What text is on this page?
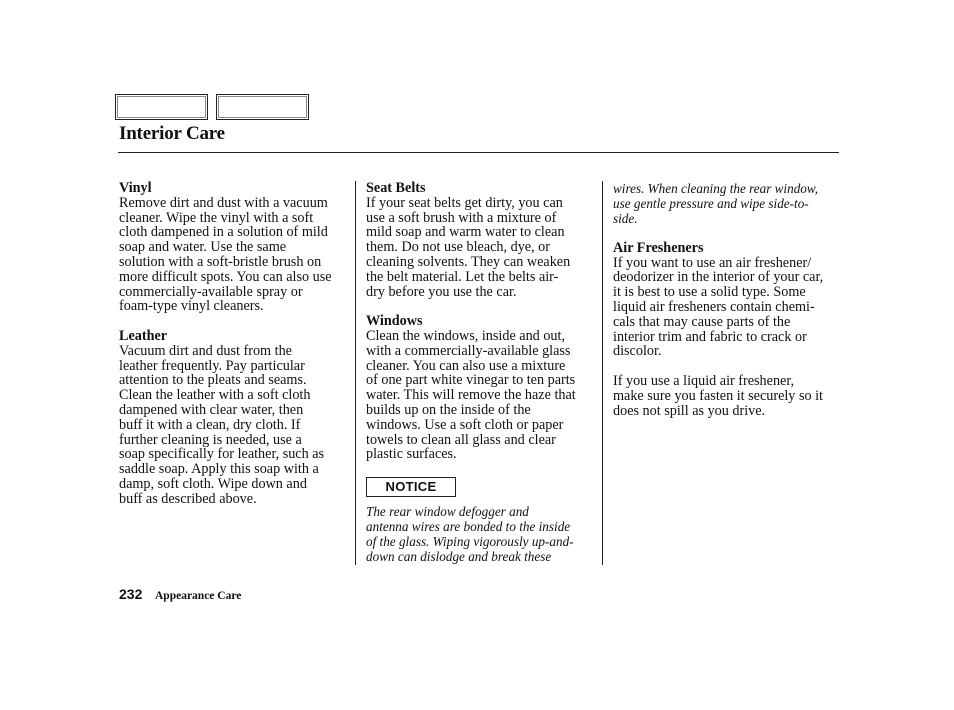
Interior Care
Vinyl
Remove dirt and dust with a vacuum
cleaner. Wipe the vinyl with a soft
cloth dampened in a solution of mild
soap and water. Use the same
solution with a soft-bristle brush on
more difficult spots. You can also use
commercially-available spray or
foam-type vinyl cleaners.
Leather
Vacuum dirt and dust from the
leather frequently. Pay particular
attention to the pleats and seams.
Clean the leather with a soft cloth
dampened with clear water, then
buff it with a clean, dry cloth. If
further cleaning is needed, use a
soap specifically for leather, such as
saddle soap. Apply this soap with a
damp, soft cloth. Wipe down and
buff as described above.
Seat Belts
If your seat belts get dirty, you can
use a soft brush with a mixture of
mild soap and warm water to clean
them. Do not use bleach, dye, or
cleaning solvents. They can weaken
the belt material. Let the belts air-
dry before you use the car.
Windows
Clean the windows, inside and out,
with a commercially-available glass
cleaner. You can also use a mixture
of one part white vinegar to ten parts
water. This will remove the haze that
builds up on the inside of the
windows. Use a soft cloth or paper
towels to clean all glass and clear
plastic surfaces.
NOTICE
The rear window defogger and
antenna wires are bonded to the inside
of the glass. Wiping vigorously up-and-
down can dislodge and break these
wires. When cleaning the rear window,
use gentle pressure and wipe side-to-
side.
Air Fresheners
If you want to use an air freshener/
deodorizer in the interior of your car,
it is best to use a solid type. Some
liquid air fresheners contain chemi-
cals that may cause parts of the
interior trim and fabric to crack or
discolor.
If you use a liquid air freshener,
make sure you fasten it securely so it
does not spill as you drive.
232 Appearance Care
